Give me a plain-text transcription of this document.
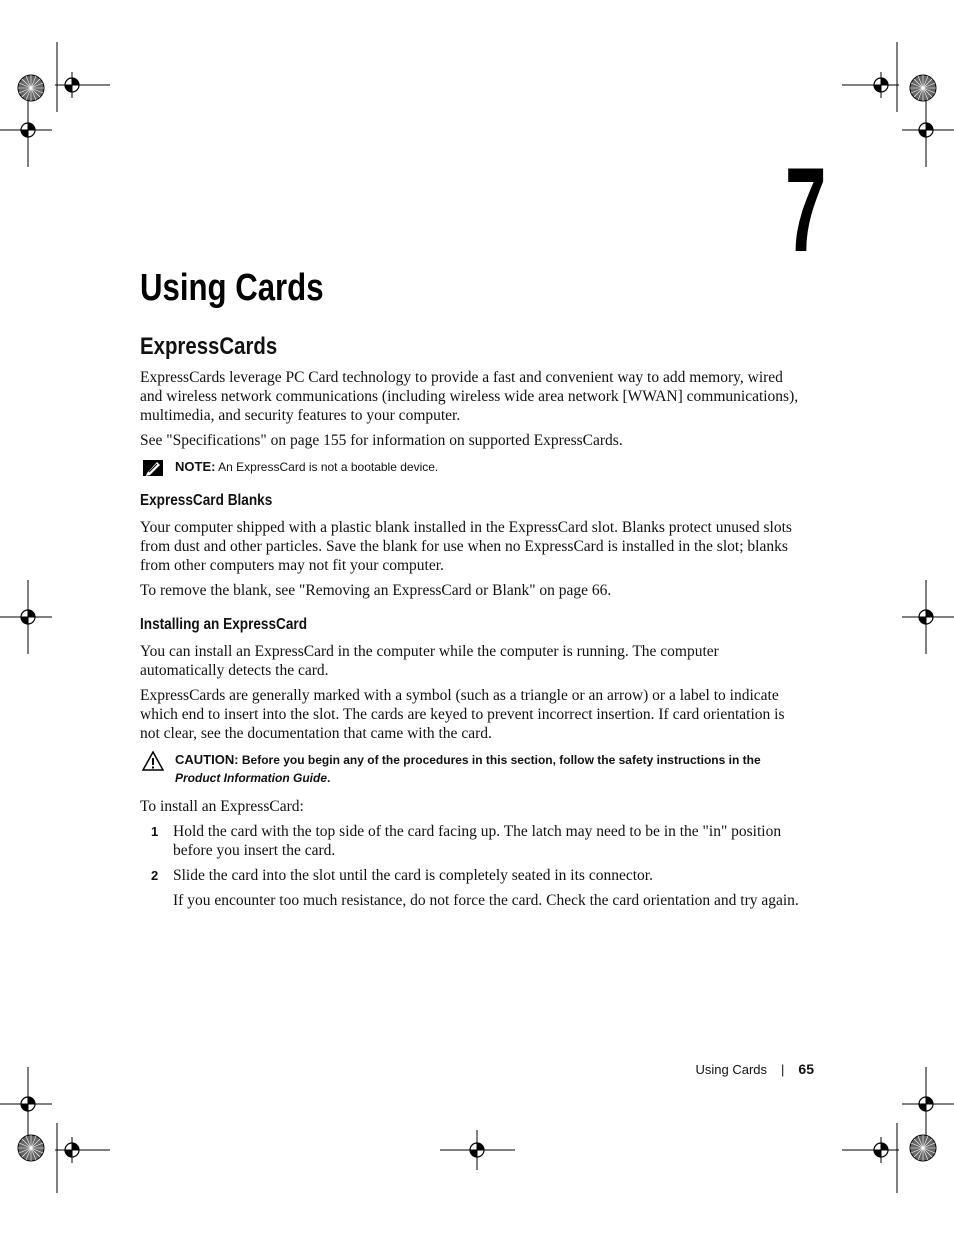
7
Using Cards
ExpressCards

ExpressCards leverage PC Card technology to provide a fast and convenient way to add memory, wired and wireless network communications (including wireless wide area network [WWAN] communications), multimedia, and security features to your computer.

See "Specifications" on page 155 for information on supported ExpressCards.

NOTE: An ExpressCard is not a bootable device.
ExpressCard Blanks

Your computer shipped with a plastic blank installed in the ExpressCard slot. Blanks protect unused slots from dust and other particles. Save the blank for use when no ExpressCard is installed in the slot; blanks from other computers may not fit your computer.

To remove the blank, see "Removing an ExpressCard or Blank" on page 66.

Installing an ExpressCard

You can install an ExpressCard in the computer while the computer is running. The computer automatically detects the card.

ExpressCards are generally marked with a symbol (such as a triangle or an arrow) or a label to indicate which end to insert into the slot. The cards are keyed to prevent incorrect insertion. If card orientation is not clear, see the documentation that came with the card.

CAUTION: Before you begin any of the procedures in this section, follow the safety instructions in the Product Information Guide.

To install an ExpressCard:

1 Hold the card with the top side of the card facing up. The latch may need to be in the "in" position before you insert the card.
2 Slide the card into the slot until the card is completely seated in its connector.
If you encounter too much resistance, do not force the card. Check the card orientation and try again.
Using Cards | 65
